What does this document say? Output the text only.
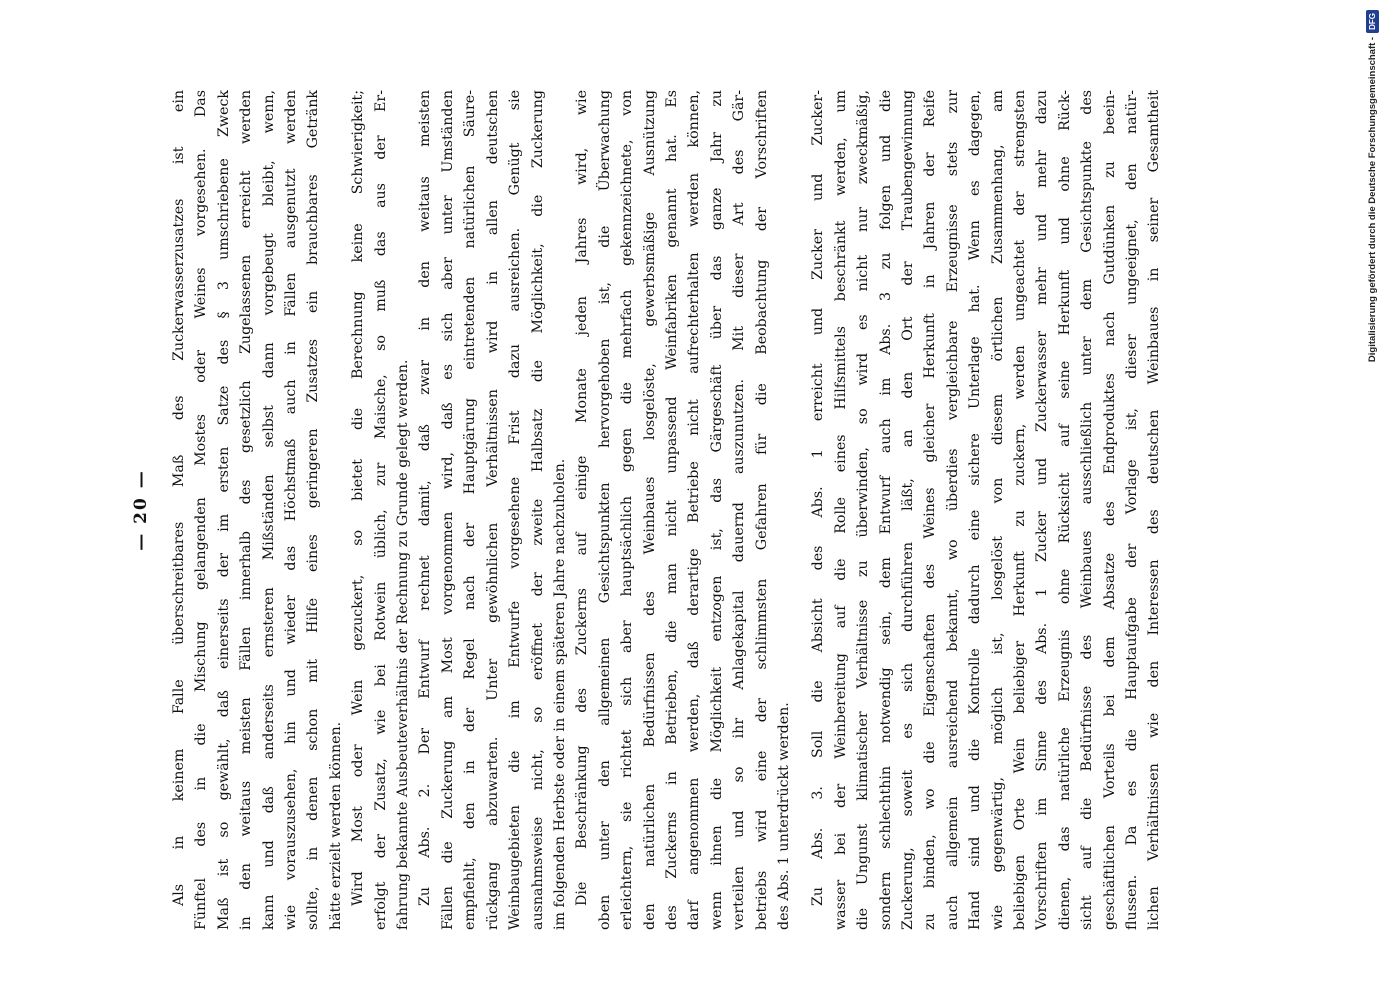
— 20 —	Als in keinem Falle überschreitbares Maß des Zuckerwasserzusatzes ist ein Fünftel des in die Mischung gelangenden Mostes oder Weines vorgesehen. Das Maß ist so gewählt, daß einerseits der im ersten Satze des § 3 umschriebene Zweck in den weitaus meisten Fällen innerhalb des gesetzlich Zugelassenen erreicht werden kann und daß anderseits ernsteren Mißständen selbst dann vorgebeugt bleibt, wenn, wie vorauszusehen, hin und wieder das Höchstmaß auch in Fällen ausgenutzt werden sollte, in denen schon mit Hilfe eines geringeren Zusatzes ein brauchbares Getränk hätte erzielt werden können. Wird Most oder Wein gezuckert, so bietet die Berechnung keine Schwierigkeit; erfolgt der Zusatz, wie bei Rotwein üblich, zur Maische, so muß das aus der Er- fahrung bekannte Ausbeuteverhältnis der Rechnung zu Grunde gelegt werden. Zu Abs. 2. Der Entwurf rechnet damit, daß zwar in den weitaus meisten Fällen die Zuckerung am Most vorgenommen wird, daß es sich aber unter Umständen empfiehlt, den in der Regel nach der Hauptgärung eintretenden natürlichen Säure- rückgang abzuwarten. Unter gewöhnlichen Verhältnissen wird in allen deutschen Weinbaugebieten die im Entwurfe vorgesehene Frist dazu ausreichen. Genügt sie ausnahmsweise nicht, so eröffnet der zweite Halbsatz die Möglichkeit, die Zuckerung im folgenden Herbste oder in einem späteren Jahre nachzuholen. Die Beschränkung des Zuckerns auf einige Monate jeden Jahres wird, wie oben unter den allgemeinen Gesichtspunkten hervorgehoben ist, die Überwachung erleichtern, sie richtet sich aber hauptsächlich gegen die mehrfach gekennzeichnete, von den natürlichen Bedürfnissen des Weinbaues losgelöste, gewerbsmäßige Ausnützung des Zuckerns in Betrieben, die man nicht unpassend Weinfabriken genannt hat. Es darf angenommen werden, daß derartige Betriebe nicht aufrechterhalten werden können, wenn ihnen die Möglichkeit entzogen ist, das Gärgeschäft über das ganze Jahr zu verteilen und so ihr Anlagekapital dauernd auszunutzen. Mit dieser Art des Gär- betriebs wird eine der schlimmsten Gefahren für die Beobachtung der Vorschriften des Abs. 1 unterdrückt werden. Zu Abs. 3. Soll die Absicht des Abs. 1 erreicht und Zucker und Zucker- wasser bei der Weinbereitung auf die Rolle eines Hilfsmittels beschränkt werden, um die Ungunst klimatischer Verhältnisse zu überwinden, so wird es nicht nur zweckmäßig, sondern schlechthin notwendig sein, dem Entwurf auch im Abs. 3 zu folgen und die Zuckerung, soweit es sich durchführen läßt, an den Ort der Traubengewinnung zu binden, wo die Eigenschaften des Weines gleicher Herkunft in Jahren der Reife auch allgemein ausreichend bekannt, wo überdies vergleichbare Erzeugnisse stets zur Hand sind und die Kontrolle dadurch eine sichere Unterlage hat. Wenn es dagegen, wie gegenwärtig, möglich ist, losgelöst von diesem örtlichen Zusammenhang, am beliebigen Orte Wein beliebiger Herkunft zu zuckern, werden ungeachtet der strengsten Vorschriften im Sinne des Abs. 1 Zucker und Zuckerwasser mehr und mehr dazu dienen, das natürliche Erzeugnis ohne Rücksicht auf seine Herkunft und ohne Rück- sicht auf die Bedürfnisse des Weinbaues ausschließlich unter dem Gesichtspunkte des geschäftlichen Vorteils bei dem Absatze des Endproduktes nach Gutdünken zu beein- flussen. Da es die Hauptaufgabe der Vorlage ist, dieser ungeeignet, den natür- lichen Verhältnissen wie den Interessen des deutschen Weinbaues in seiner Gesamtheit	Digitalisierung gefördert durch die Deutsche Forschungsgemeinschaft -
DFG
